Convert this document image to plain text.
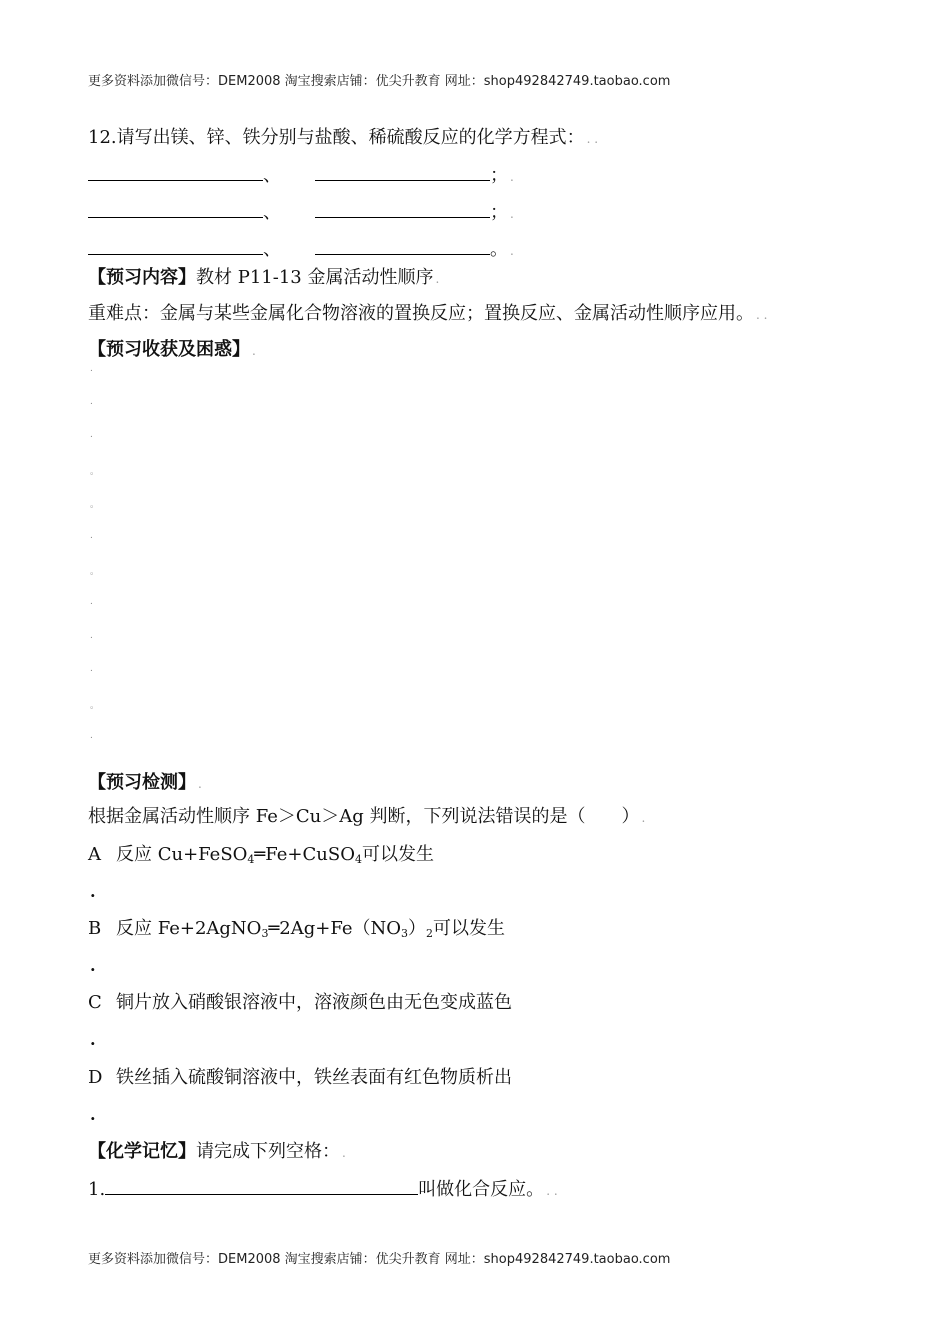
更多资料添加微信号：DEM2008 淘宝搜索店铺：优尖升教育 网址：shop492842749.taobao.com
12.请写出镁、锌、铁分别与盐酸、稀硫酸反应的化学方程式： . .
、	； .
、	； .
、	。 .
【预习内容】教材 P11-13 金属活动性顺序 .
重难点：金属与某些金属化合物溶液的置换反应；置换反应、金属活动性顺序应用。 . .
【预习收获及困惑】 .
.
.
.
。
。
.
。
.
.
.
。
.
【预习检测】 .
根据金属活动性顺序 Fe＞Cu＞Ag 判断，下列说法错误的是（　　） .
A 反应 Cu+FeSO$_4$═Fe+CuSO$_4$可以发生
.
B 反应 $Fe+2AgNO_3═2Ag+Fe(NO_3)_2$可以发生
.
C 铜片放入硝酸银溶液中，溶液颜色由无色变成蓝色
.
D 铁丝插入硫酸铜溶液中，铁丝表面有红色物质析出
.
【化学记忆】请完成下列空格： .
1.	叫做化合反应。 . .
更多资料添加微信号：DEM2008 淘宝搜索店铺：优尖升教育 网址：shop492842749.taobao.com
